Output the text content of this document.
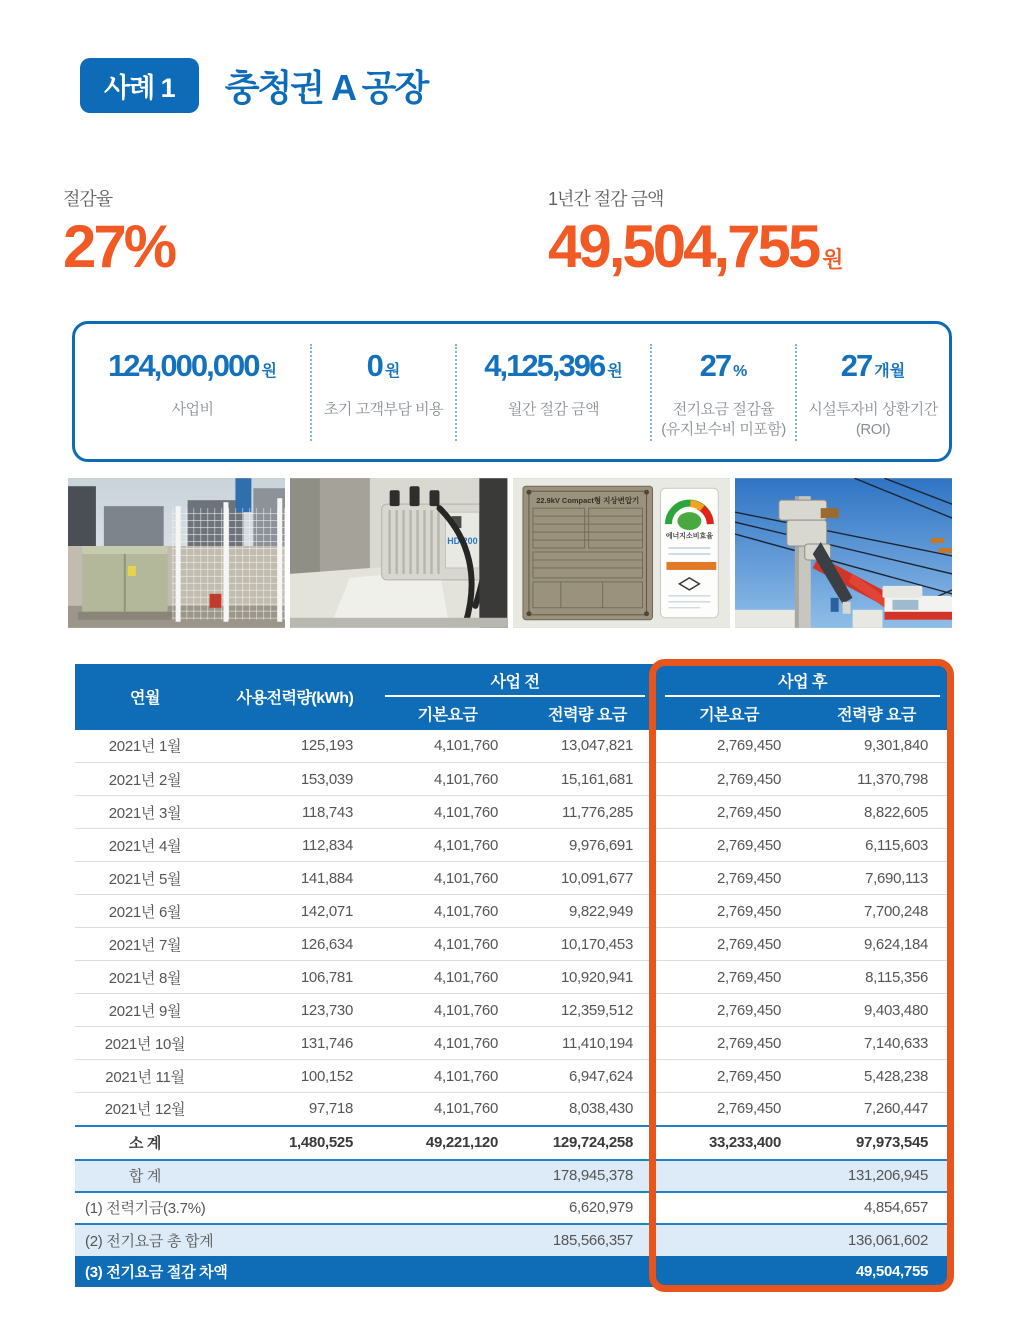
사례 1	충청권 A 공장
절감율
27%
1년간 절감 금액
49,504,755 원
124,000,000 원
사업비
0 원
초기 고객부담 비용
4,125,396 원
월간 절감 금액
27 %
전기요금 절감율
(유지보수비 미포함)
27 개월
시설투자비 상환기간
(ROI)
HD 200
22.9kV Compact형 지상변압기
에너지소비효율
연월	사용전력량(kWh)	사업 전		사업 후	
		기본요금	전력량 요금	기본요금	전력량 요금
2021년 1월	125,193	4,101,760	13,047,821	2,769,450	9,301,840
2021년 2월	153,039	4,101,760	15,161,681	2,769,450	11,370,798
2021년 3월	118,743	4,101,760	11,776,285	2,769,450	8,822,605
2021년 4월	112,834	4,101,760	9,976,691	2,769,450	6,115,603
2021년 5월	141,884	4,101,760	10,091,677	2,769,450	7,690,113
2021년 6월	142,071	4,101,760	9,822,949	2,769,450	7,700,248
2021년 7월	126,634	4,101,760	10,170,453	2,769,450	9,624,184
2021년 8월	106,781	4,101,760	10,920,941	2,769,450	8,115,356
2021년 9월	123,730	4,101,760	12,359,512	2,769,450	9,403,480
2021년 10월	131,746	4,101,760	11,410,194	2,769,450	7,140,633
2021년 11월	100,152	4,101,760	6,947,624	2,769,450	5,428,238
2021년 12월	97,718	4,101,760	8,038,430	2,769,450	7,260,447
소 계	1,480,525	49,221,120	129,724,258	33,233,400	97,973,545
합 계			178,945,378		131,206,945
(1) 전력기금(3.7%)			6,620,979		4,854,657
(2) 전기요금 총 합계			185,566,357		136,061,602
(3) 전기요금 절감 차액					49,504,755
